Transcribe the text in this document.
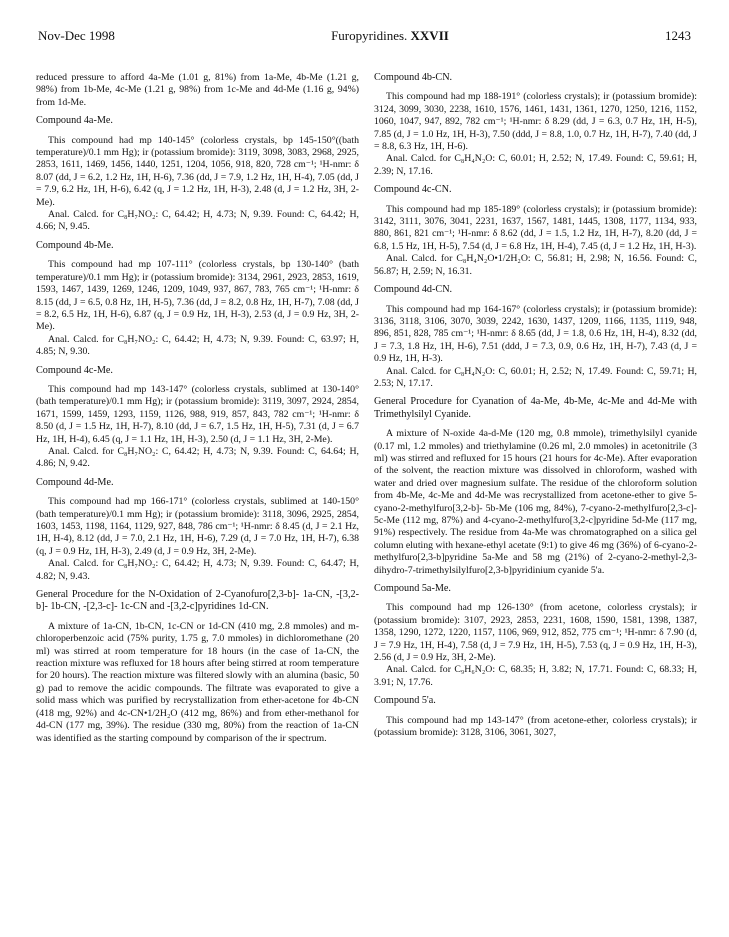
Nov-Dec 1998	Furopyridines. XXVII	1243

reduced pressure to afford 4a-Me (1.01 g, 81%) from 1a-Me, 4b-Me (1.21 g, 98%) from 1b-Me, 4c-Me (1.21 g, 98%) from 1c-Me and 4d-Me (1.16 g, 94%) from 1d-Me.

Compound 4a-Me.

This compound had mp 140-145° (colorless crystals, bp 145-150°((bath temperature)/0.1 mm Hg); ir (potassium bromide): 3119, 3098, 3083, 2968, 2925, 2853, 1611, 1469, 1456, 1440, 1251, 1204, 1056, 918, 820, 728 cm⁻¹; ¹H-nmr: δ 8.07 (dd, J = 6.2, 1.2 Hz, 1H, H-6), 7.36 (dd, J = 7.9, 1.2 Hz, 1H, H-4), 7.05 (dd, J = 7.9, 6.2 Hz, 1H, H-6), 6.42 (q, J = 1.2 Hz, 1H, H-3), 2.48 (d, J = 1.2 Hz, 3H, 2-Me).

Anal. Calcd. for C₈H₇NO₂: C, 64.42; H, 4.73; N, 9.39. Found: C, 64.42; H, 4.66; N, 9.45.

Compound 4b-Me.

This compound had mp 107-111° (colorless crystals, bp 130-140° (bath temperature)/0.1 mm Hg); ir (potassium bromide): 3134, 2961, 2923, 2853, 1619, 1593, 1467, 1439, 1269, 1246, 1209, 1049, 937, 867, 783, 765 cm⁻¹; ¹H-nmr: δ 8.15 (dd, J = 6.5, 0.8 Hz, 1H, H-5), 7.36 (dd, J = 8.2, 0.8 Hz, 1H, H-7), 7.08 (dd, J = 8.2, 6.5 Hz, 1H, H-6), 6.87 (q, J = 0.9 Hz, 1H, H-3), 2.53 (d, J = 0.9 Hz, 3H, 2-Me).

Anal. Calcd. for C₈H₇NO₂: C, 64.42; H, 4.73; N, 9.39. Found: C, 63.97; H, 4.85; N, 9.30.

Compound 4c-Me.

This compound had mp 143-147° (colorless crystals, sublimed at 130-140° (bath temperature)/0.1 mm Hg); ir (potassium bromide): 3119, 3097, 2924, 2854, 1671, 1599, 1459, 1293, 1159, 1126, 988, 919, 857, 843, 782 cm⁻¹; ¹H-nmr: δ 8.50 (d, J = 1.5 Hz, 1H, H-7), 8.10 (dd, J = 6.7, 1.5 Hz, 1H, H-5), 7.31 (d, J = 6.7 Hz, 1H, H-4), 6.45 (q, J = 1.1 Hz, 1H, H-3), 2.50 (d, J = 1.1 Hz, 3H, 2-Me).

Anal. Calcd. for C₈H₇NO₂: C, 64.42; H, 4.73; N, 9.39. Found: C, 64.64; H, 4.86; N, 9.42.

Compound 4d-Me.

This compound had mp 166-171° (colorless crystals, sublimed at 140-150° (bath temperature)/0.1 mm Hg); ir (potassium bromide): 3118, 3096, 2925, 2854, 1603, 1453, 1198, 1164, 1129, 927, 848, 786 cm⁻¹; ¹H-nmr: δ 8.45 (d, J = 2.1 Hz, 1H, H-4), 8.12 (dd, J = 7.0, 2.1 Hz, 1H, H-6), 7.29 (d, J = 7.0 Hz, 1H, H-7), 6.38 (q, J = 0.9 Hz, 1H, H-3), 2.49 (d, J = 0.9 Hz, 3H, 2-Me).

Anal. Calcd. for C₈H₇NO₂: C, 64.42; H, 4.73; N, 9.39. Found: C, 64.47; H, 4.82; N, 9.43.

General Procedure for the N-Oxidation of 2-Cyanofuro[2,3-b]- 1a-CN, -[3,2-b]- 1b-CN, -[2,3-c]- 1c-CN and -[3,2-c]pyridines 1d-CN.

A mixture of 1a-CN, 1b-CN, 1c-CN or 1d-CN (410 mg, 2.8 mmoles) and m-chloroperbenzoic acid (75% purity, 1.75 g, 7.0 mmoles) in dichloromethane (20 ml) was stirred at room temperature for 18 hours (in the case of 1a-CN, the reaction mixture was refluxed for 18 hours after being stirred at room temperature for 20 hours). The reaction mixture was filtered slowly with an alumina (basic, 50 g) pad to remove the acidic compounds. The filtrate was evaporated to give a solid mass which was purified by recrystallization from ether-acetone for 4b-CN (418 mg, 92%) and 4c-CN•1/2H₂O (412 mg, 86%) and from ether-methanol for 4d-CN (177 mg, 39%). The residue (330 mg, 80%) from the reaction of 1a-CN was identified as the starting compound by comparison of the ir spectrum.

Compound 4b-CN.

This compound had mp 188-191° (colorless crystals); ir (potassium bromide): 3124, 3099, 3030, 2238, 1610, 1576, 1461, 1431, 1361, 1270, 1250, 1216, 1152, 1060, 1047, 947, 892, 782 cm⁻¹; ¹H-nmr: δ 8.29 (dd, J = 6.3, 0.7 Hz, 1H, H-5), 7.85 (d, J = 1.0 Hz, 1H, H-3), 7.50 (ddd, J = 8.8, 1.0, 0.7 Hz, 1H, H-7), 7.40 (dd, J = 8.8, 6.3 Hz, 1H, H-6).

Anal. Calcd. for C₈H₄N₂O: C, 60.01; H, 2.52; N, 17.49. Found: C, 59.61; H, 2.39; N, 17.16.

Compound 4c-CN.

This compound had mp 185-189° (colorless crystals); ir (potassium bromide): 3142, 3111, 3076, 3041, 2231, 1637, 1567, 1481, 1445, 1308, 1177, 1134, 933, 880, 861, 821 cm⁻¹; ¹H-nmr: δ 8.62 (dd, J = 1.5, 1.2 Hz, 1H, H-7), 8.20 (dd, J = 6.8, 1.5 Hz, 1H, H-5), 7.54 (d, J = 6.8 Hz, 1H, H-4), 7.45 (d, J = 1.2 Hz, 1H, H-3).

Anal. Calcd. for C₈H₄N₂O•1/2H₂O: C, 56.81; H, 2.98; N, 16.56. Found: C, 56.87; H, 2.59; N, 16.31.

Compound 4d-CN.

This compound had mp 164-167° (colorless crystals); ir (potassium bromide): 3136, 3118, 3106, 3070, 3039, 2242, 1630, 1437, 1209, 1166, 1135, 1119, 948, 896, 851, 828, 785 cm⁻¹; ¹H-nmr: δ 8.65 (dd, J = 1.8, 0.6 Hz, 1H, H-4), 8.32 (dd, J = 7.3, 1.8 Hz, 1H, H-6), 7.51 (ddd, J = 7.3, 0.9, 0.6 Hz, 1H, H-7), 7.43 (d, J = 0.9 Hz, 1H, H-3).

Anal. Calcd. for C₈H₄N₂O: C, 60.01; H, 2.52; N, 17.49. Found: C, 59.71; H, 2.53; N, 17.17.

General Procedure for Cyanation of 4a-Me, 4b-Me, 4c-Me and 4d-Me with Trimethylsilyl Cyanide.

A mixture of N-oxide 4a-d-Me (120 mg, 0.8 mmole), trimethylsilyl cyanide (0.17 ml, 1.2 mmoles) and triethylamine (0.26 ml, 2.0 mmoles) in acetonitrile (3 ml) was stirred and refluxed for 15 hours (21 hours for 4c-Me). After evaporation of the solvent, the reaction mixture was dissolved in chloroform, washed with water and dried over magnesium sulfate. The residue of the chloroform solution from 4b-Me, 4c-Me and 4d-Me was recrystallized from acetone-ether to give 5-cyano-2-methylfuro[3,2-b]- 5b-Me (106 mg, 84%), 7-cyano-2-methylfuro[2,3-c]- 5c-Me (112 mg, 87%) and 4-cyano-2-methylfuro[3,2-c]pyridine 5d-Me (117 mg, 91%) respectively. The residue from 4a-Me was chromatographed on a silica gel column eluting with hexane-ethyl acetate (9:1) to give 46 mg (36%) of 6-cyano-2-methylfuro[2,3-b]pyridine 5a-Me and 58 mg (21%) of 2-cyano-2-methyl-2,3-dihydro-7-trimethylsilylfuro[2,3-b]pyridinium cyanide 5'a.

Compound 5a-Me.

This compound had mp 126-130° (from acetone, colorless crystals); ir (potassium bromide): 3107, 2923, 2853, 2231, 1608, 1590, 1581, 1398, 1387, 1358, 1290, 1272, 1220, 1157, 1106, 969, 912, 852, 775 cm⁻¹; ¹H-nmr: δ 7.90 (d, J = 7.9 Hz, 1H, H-4), 7.58 (d, J = 7.9 Hz, 1H, H-5), 7.53 (q, J = 0.9 Hz, 1H, H-3), 2.56 (d, J = 0.9 Hz, 3H, 2-Me).

Anal. Calcd. for C₉H₆N₂O: C, 68.35; H, 3.82; N, 17.71. Found: C, 68.33; H, 3.91; N, 17.76.

Compound 5'a.

This compound had mp 143-147° (from acetone-ether, colorless crystals); ir (potassium bromide): 3128, 3106, 3061, 3027,
